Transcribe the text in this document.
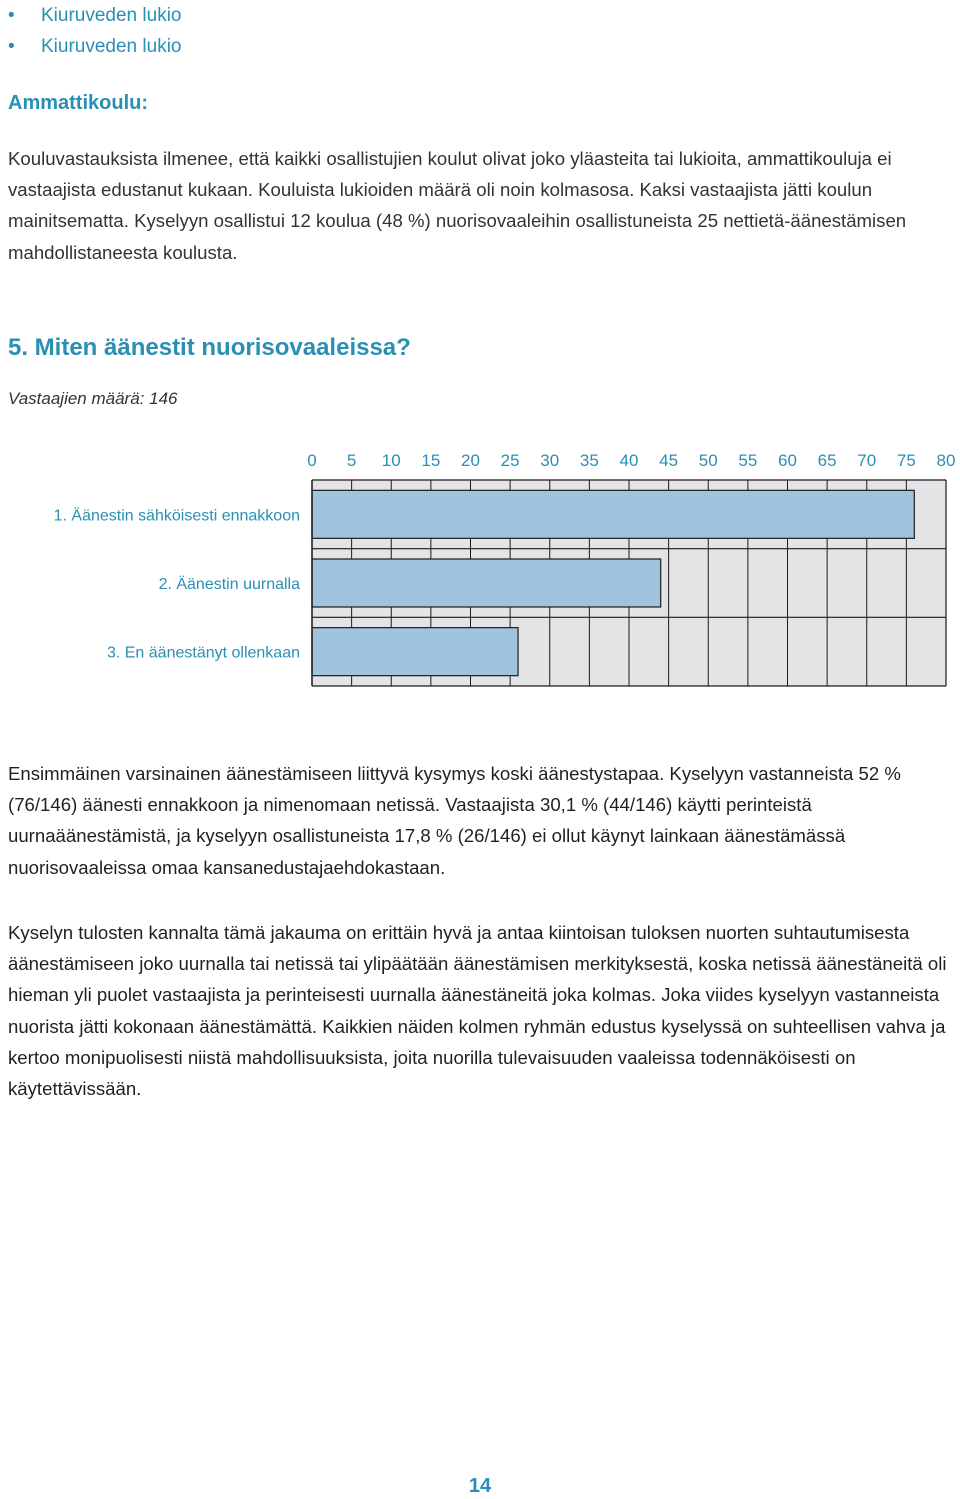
• Kiuruveden lukio
• Kiuruveden lukio
Ammattikoulu:
Kouluvastauksista ilmenee, että kaikki osallistujien koulut olivat joko yläasteita tai lukioita, ammattikouluja ei vastaajista edustanut kukaan. Kouluista lukioiden määrä oli noin kolmasosa. Kaksi vastaajista jätti koulun mainitsematta. Kyselyyn osallistui 12 koulua (48 %) nuorisovaaleihin osallistuneista 25 nettietä-äänestämisen mahdollistaneesta koulusta.
5. Miten äänestit nuorisovaaleissa?
Vastaajien määrä: 146
0 5 10 15 20 25 30 35 40 45 50 55 60 65 70 75 80
1. Äänestin sähköisesti ennakkoon
2. Äänestin uurnalla
3. En äänestänyt ollenkaan
Ensimmäinen varsinainen äänestämiseen liittyvä kysymys koski äänestystapaa. Kyselyyn vastanneista 52 % (76/146) äänesti ennakkoon ja nimenomaan netissä. Vastaajista 30,1 % (44/146) käytti perinteistä uurnaäänestämistä, ja kyselyyn osallistuneista 17,8 % (26/146) ei ollut käynyt lainkaan äänestämässä nuorisovaaleissa omaa kansanedustajaehdokastaan.
Kyselyn tulosten kannalta tämä jakauma on erittäin hyvä ja antaa kiintoisan tuloksen nuorten suhtautumisesta äänestämiseen joko uurnalla tai netissä tai ylipäätään äänestämisen merkityksestä, koska netissä äänestäneitä oli hieman yli puolet vastaajista ja perinteisesti uurnalla äänestäneitä joka kolmas. Joka viides kyselyyn vastanneista nuorista jätti kokonaan äänestämättä. Kaikkien näiden kolmen ryhmän edustus kyselyssä on suhteellisen vahva ja kertoo monipuolisesti niistä mahdollisuuksista, joita nuorilla tulevaisuuden vaaleissa todennäköisesti on käytettävissään.
14
